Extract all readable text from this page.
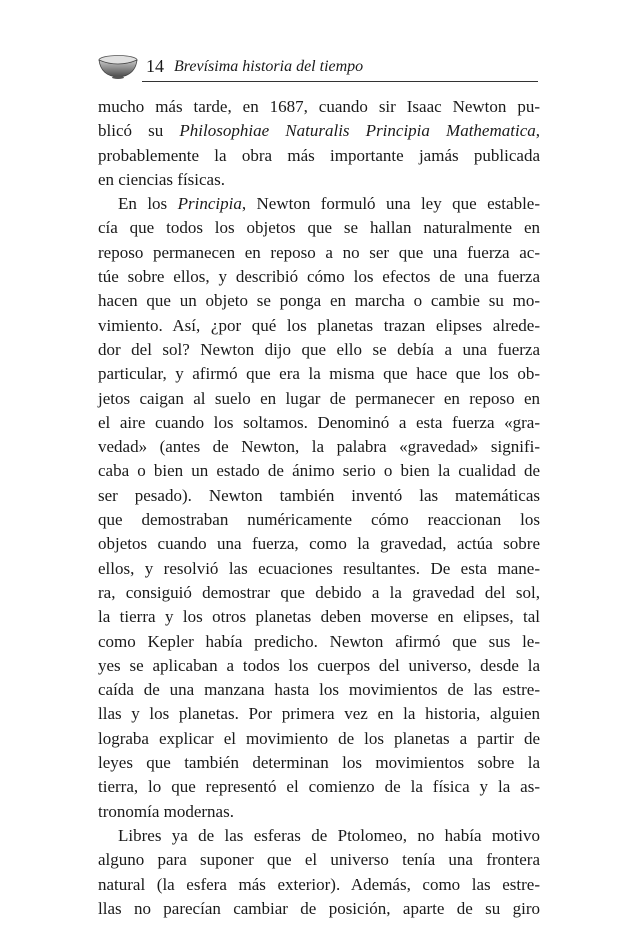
14 Brevísima historia del tiempo
mucho más tarde, en 1687, cuando sir Isaac Newton pu-
blicó su Philosophiae Naturalis Principia Mathematica,
probablemente la obra más importante jamás publicada
en ciencias físicas.
En los Principia, Newton formuló una ley que estable-
cía que todos los objetos que se hallan naturalmente en
reposo permanecen en reposo a no ser que una fuerza ac-
túe sobre ellos, y describió cómo los efectos de una fuerza
hacen que un objeto se ponga en marcha o cambie su mo-
vimiento. Así, ¿por qué los planetas trazan elipses alrede-
dor del sol? Newton dijo que ello se debía a una fuerza
particular, y afirmó que era la misma que hace que los ob-
jetos caigan al suelo en lugar de permanecer en reposo en
el aire cuando los soltamos. Denominó a esta fuerza «gra-
vedad» (antes de Newton, la palabra «gravedad» signifi-
caba o bien un estado de ánimo serio o bien la cualidad de
ser pesado). Newton también inventó las matemáticas
que demostraban numéricamente cómo reaccionan los
objetos cuando una fuerza, como la gravedad, actúa sobre
ellos, y resolvió las ecuaciones resultantes. De esta mane-
ra, consiguió demostrar que debido a la gravedad del sol,
la tierra y los otros planetas deben moverse en elipses, tal
como Kepler había predicho. Newton afirmó que sus le-
yes se aplicaban a todos los cuerpos del universo, desde la
caída de una manzana hasta los movimientos de las estre-
llas y los planetas. Por primera vez en la historia, alguien
lograba explicar el movimiento de los planetas a partir de
leyes que también determinan los movimientos sobre la
tierra, lo que representó el comienzo de la física y la as-
tronomía modernas.
Libres ya de las esferas de Ptolomeo, no había motivo
alguno para suponer que el universo tenía una frontera
natural (la esfera más exterior). Además, como las estre-
llas no parecían cambiar de posición, aparte de su giro
